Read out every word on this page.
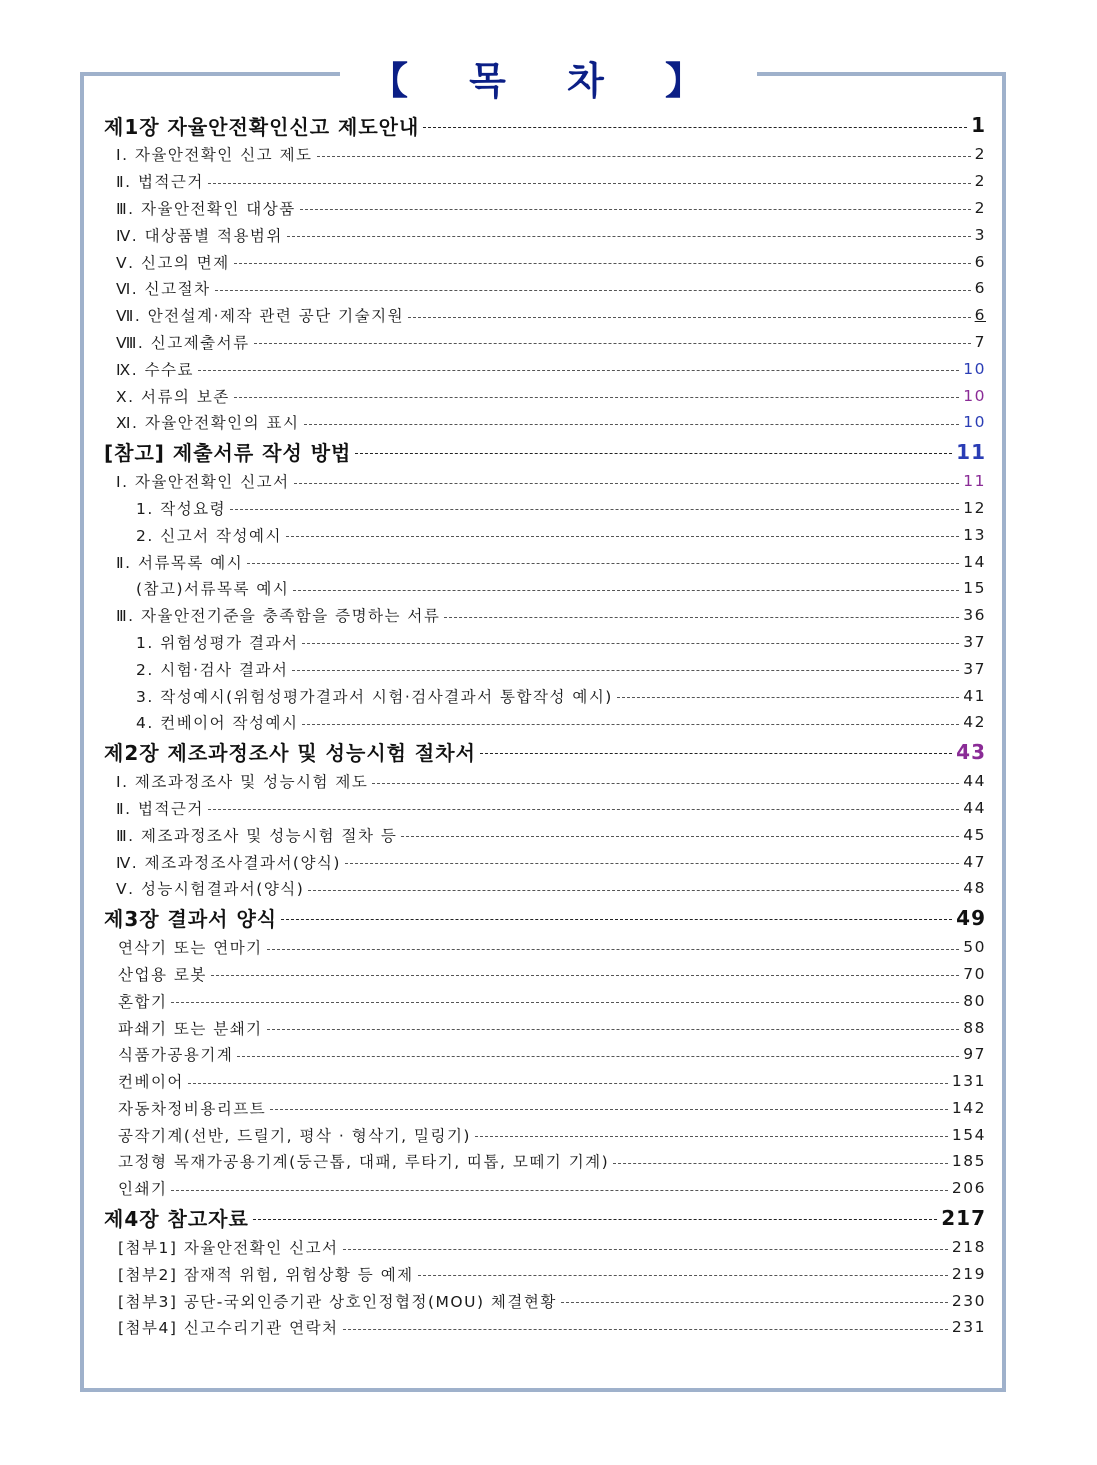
【 목 차 】
제1장 자율안전확인신고 제도안내	1
Ⅰ. 자율안전확인 신고 제도	2
Ⅱ. 법적근거	2
Ⅲ. 자율안전확인 대상품	2
Ⅳ. 대상품별 적용범위	3
Ⅴ. 신고의 면제	6
Ⅵ. 신고절차	6
Ⅶ. 안전설계·제작 관련 공단 기술지원	6
Ⅷ. 신고제출서류	7
Ⅸ. 수수료	10
Ⅹ. 서류의 보존	10
Ⅺ. 자율안전확인의 표시	10
[참고] 제출서류 작성 방법	11
Ⅰ. 자율안전확인 신고서	11
1. 작성요령	12
2. 신고서 작성예시	13
Ⅱ. 서류목록 예시	14
(참고)서류목록 예시	15
Ⅲ. 자율안전기준을 충족함을 증명하는 서류	36
1. 위험성평가 결과서	37
2. 시험·검사 결과서	37
3. 작성예시(위험성평가결과서 시험·검사결과서 통합작성 예시)	41
4. 컨베이어 작성예시	42
제2장 제조과정조사 및 성능시험 절차서	43
Ⅰ. 제조과정조사 및 성능시험 제도	44
Ⅱ. 법적근거	44
Ⅲ. 제조과정조사 및 성능시험 절차 등	45
Ⅳ. 제조과정조사결과서(양식)	47
Ⅴ. 성능시험결과서(양식)	48
제3장 결과서 양식	49
연삭기 또는 연마기	50
산업용 로봇	70
혼합기	80
파쇄기 또는 분쇄기	88
식품가공용기계	97
컨베이어	131
자동차정비용리프트	142
공작기계(선반, 드릴기, 평삭 · 형삭기, 밀링기)	154
고정형 목재가공용기계(둥근톱, 대패, 루타기, 띠톱, 모떼기 기계)	185
인쇄기	206
제4장 참고자료	217
[첨부1] 자율안전확인 신고서	218
[첨부2] 잠재적 위험, 위험상황 등 예제	219
[첨부3] 공단-국외인증기관 상호인정협정(MOU) 체결현황	230
[첨부4] 신고수리기관 연락처	231
